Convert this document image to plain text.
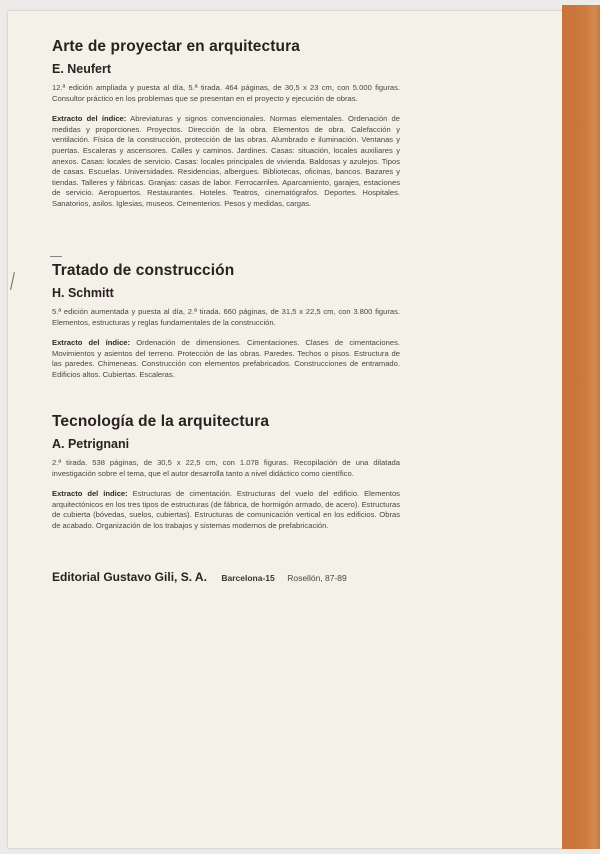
Arte de proyectar en arquitectura
E. Neufert

12.ª edición ampliada y puesta al día, 5.ª tirada. 464 páginas, de 30,5 x 23 cm, con 5.000 figuras. Consultor práctico en los problemas que se presentan en el proyecto y ejecución de obras.

Extracto del índice: Abreviaturas y signos convencionales. Normas elementales. Ordenación de medidas y proporciones. Proyectos. Dirección de la obra. Elementos de obra. Calefacción y ventilación. Física de la construcción, protección de las obras. Alumbrado e iluminación. Ventanas y puertas. Escaleras y ascensores. Calles y caminos. Jardines. Casas: situación, locales auxiliares y anexos. Casas: locales de servicio. Casas: locales principales de vivienda. Baldosas y azulejos. Tipos de casas. Escuelas. Universidades. Residencias, albergues. Bibliotecas, oficinas, bancos. Bazares y tiendas. Talleres y fábricas. Granjas: casas de labor. Ferrocarriles. Aparcamiento, garajes, estaciones de servicio. Aeropuertos. Restaurantes. Hoteles. Teatros, cinematógrafos. Deportes. Hospitales. Sanatorios, asilos. Iglesias, museos. Cementerios. Pesos y medidas, cargas.

Tratado de construcción
H. Schmitt

5.ª edición aumentada y puesta al día, 2.ª tirada. 660 páginas, de 31,5 x 22,5 cm, con 3.800 figuras. Elementos, estructuras y reglas fundamentales de la construcción.

Extracto del índice: Ordenación de dimensiones. Cimentaciones. Clases de cimentaciones. Movimientos y asientos del terreno. Protección de las obras. Paredes. Techos o pisos. Estructura de las paredes. Chimeneas. Construcción con elementos prefabricados. Construcciones de entramado. Edificios altos. Cubiertas. Escaleras.

Tecnología de la arquitectura
A. Petrignani

2.ª tirada. 538 páginas, de 30,5 x 22,5 cm, con 1.078 figuras. Recopilación de una dilatada investigación sobre el tema, que el autor desarrolla tanto a nivel didáctico como científico.

Extracto del índice: Estructuras de cimentación. Estructuras del vuelo del edificio. Elementos arquitectónicos en los tres tipos de estructuras (de fábrica, de hormigón armado, de acero). Estructuras de cubierta (bóvedas, suelos, cubiertas). Estructuras de comunicación vertical en los edificios. Obras de acabado. Organización de los trabajos y sistemas modernos de prefabricación.

Editorial Gustavo Gili, S. A. Barcelona-15 Rosellón, 87-89
